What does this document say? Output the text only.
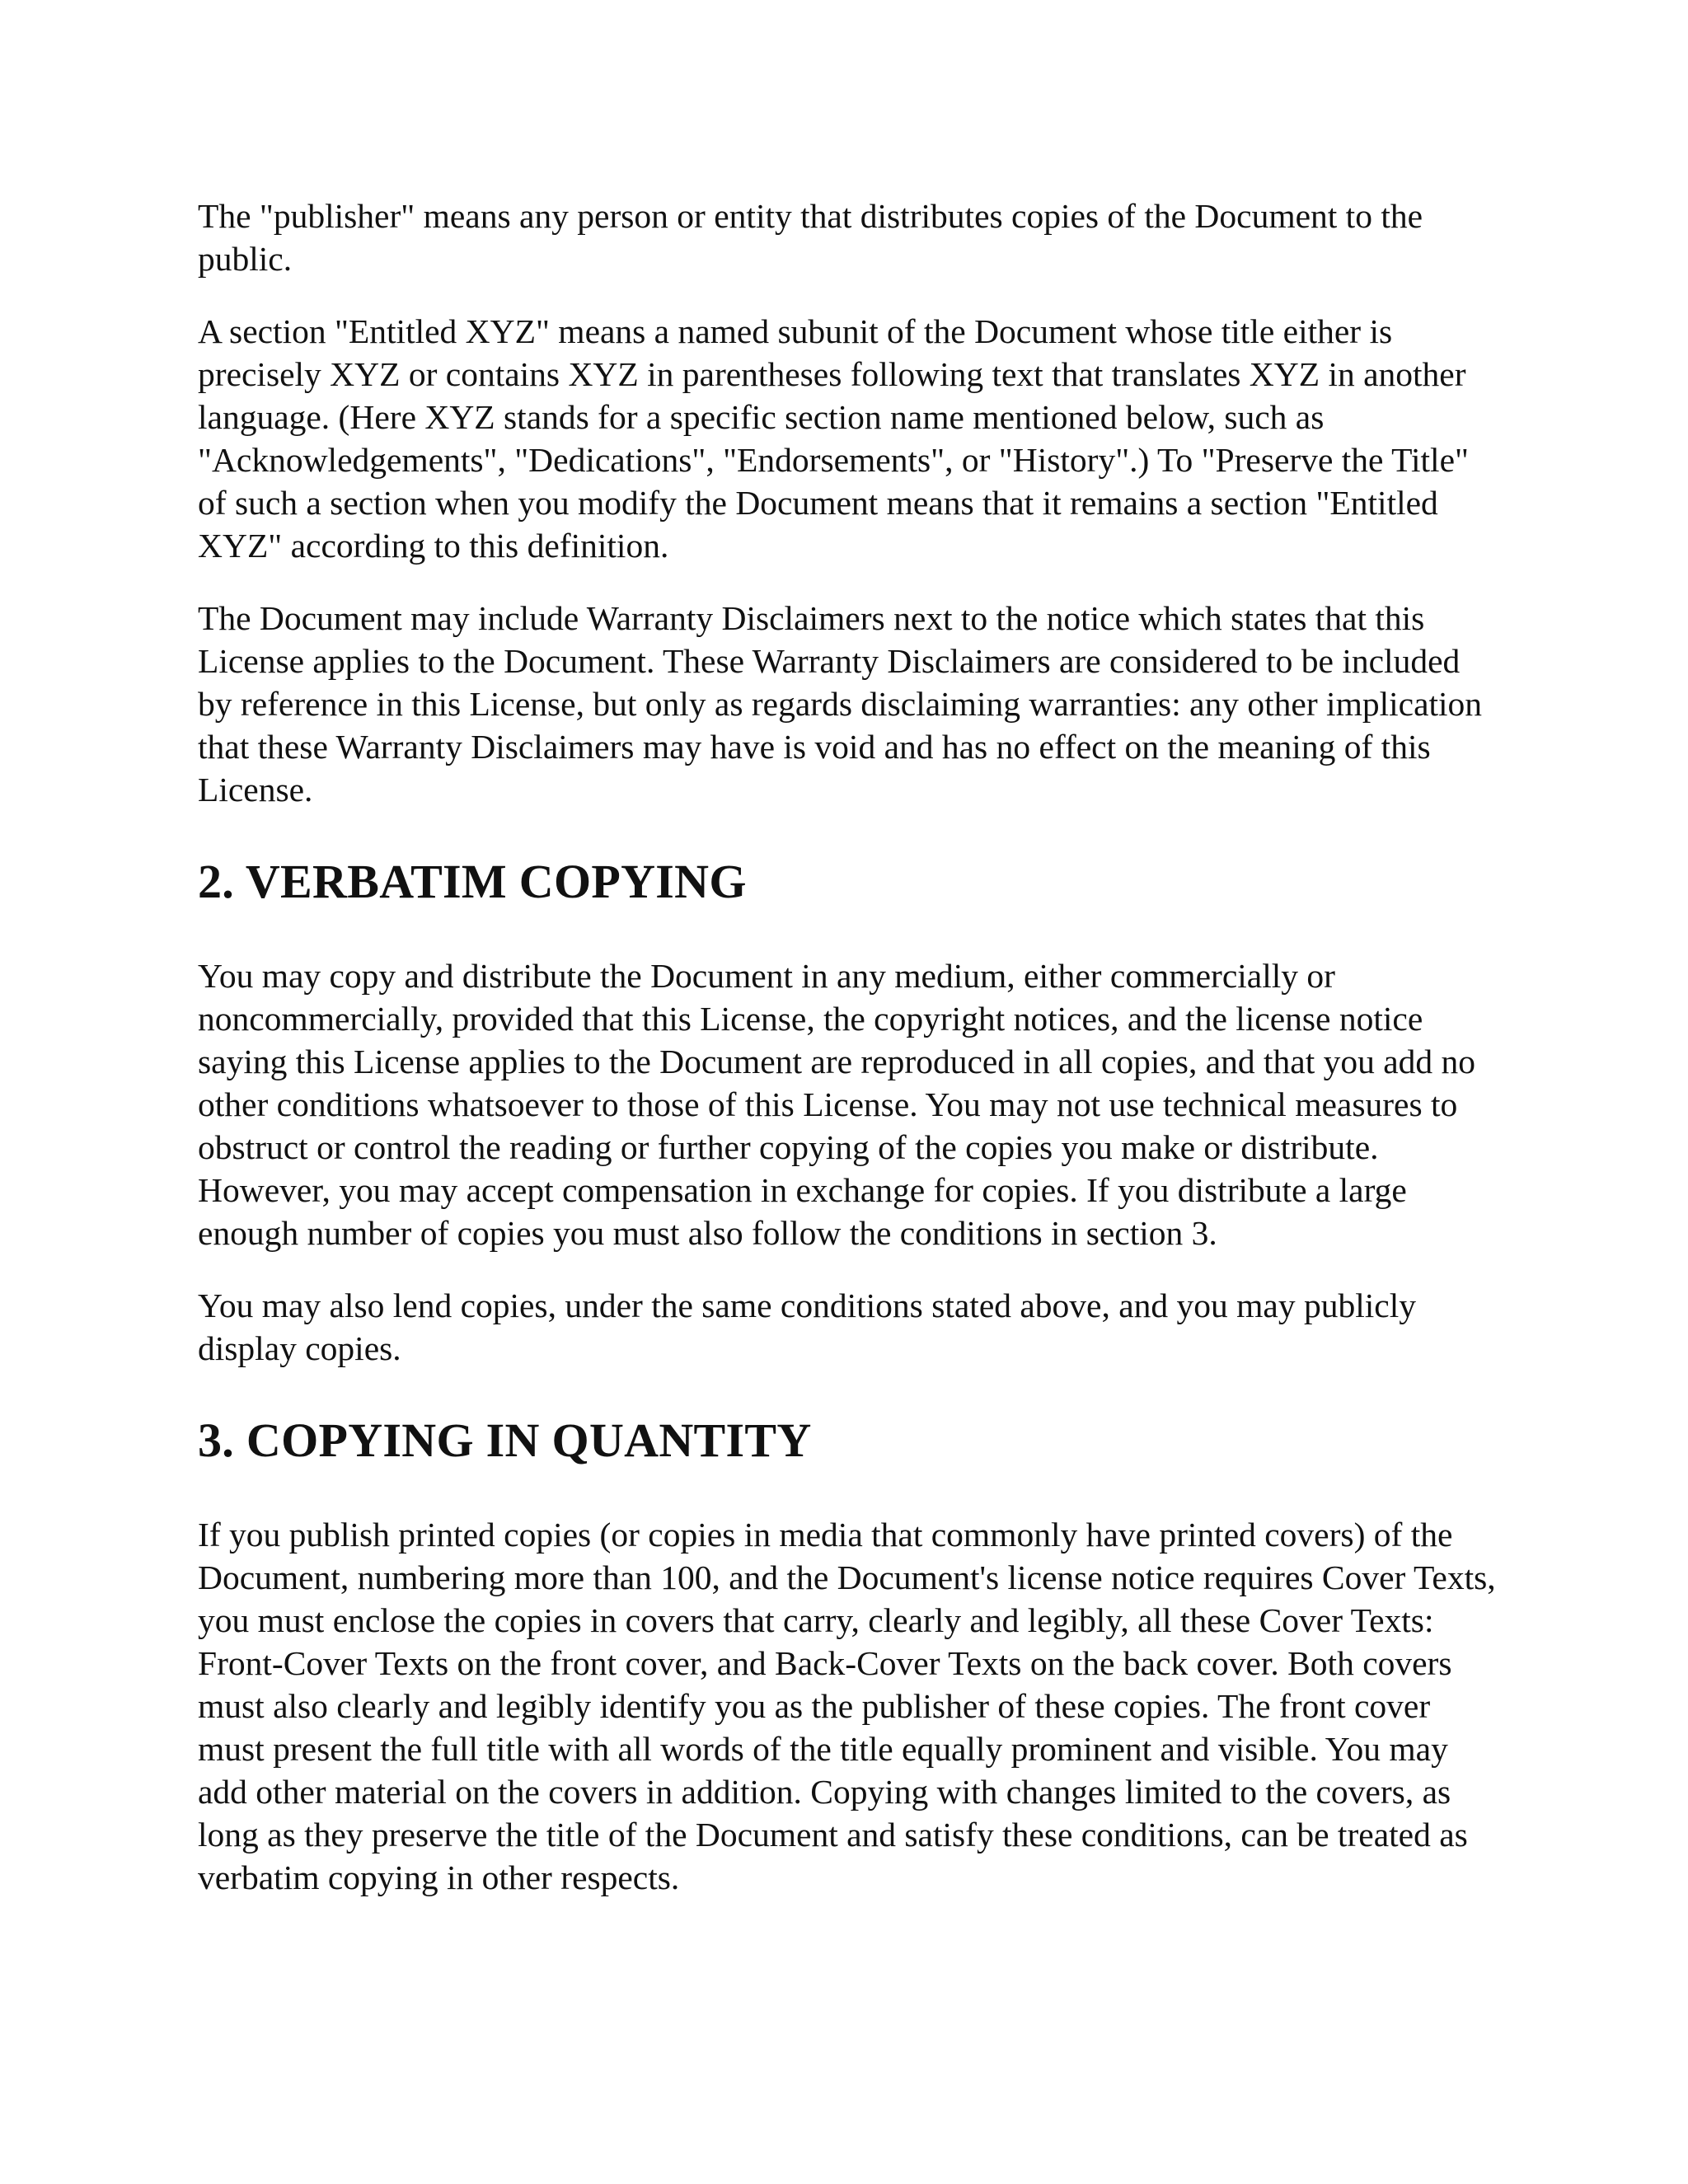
The "publisher" means any person or entity that distributes copies of the Document to the public.

A section "Entitled XYZ" means a named subunit of the Document whose title either is precisely XYZ or contains XYZ in parentheses following text that translates XYZ in another language. (Here XYZ stands for a specific section name mentioned below, such as "Acknowledgements", "Dedications", "Endorsements", or "History".) To "Preserve the Title" of such a section when you modify the Document means that it remains a section "Entitled XYZ" according to this definition.

The Document may include Warranty Disclaimers next to the notice which states that this License applies to the Document. These Warranty Disclaimers are considered to be included by reference in this License, but only as regards disclaiming warranties: any other implication that these Warranty Disclaimers may have is void and has no effect on the meaning of this License.

2. VERBATIM COPYING

You may copy and distribute the Document in any medium, either commercially or noncommercially, provided that this License, the copyright notices, and the license notice saying this License applies to the Document are reproduced in all copies, and that you add no other conditions whatsoever to those of this License. You may not use technical measures to obstruct or control the reading or further copying of the copies you make or distribute. However, you may accept compensation in exchange for copies. If you distribute a large enough number of copies you must also follow the conditions in section 3.

You may also lend copies, under the same conditions stated above, and you may publicly display copies.

3. COPYING IN QUANTITY

If you publish printed copies (or copies in media that commonly have printed covers) of the Document, numbering more than 100, and the Document's license notice requires Cover Texts, you must enclose the copies in covers that carry, clearly and legibly, all these Cover Texts: Front-Cover Texts on the front cover, and Back-Cover Texts on the back cover. Both covers must also clearly and legibly identify you as the publisher of these copies. The front cover must present the full title with all words of the title equally prominent and visible. You may add other material on the covers in addition. Copying with changes limited to the covers, as long as they preserve the title of the Document and satisfy these conditions, can be treated as verbatim copying in other respects.
